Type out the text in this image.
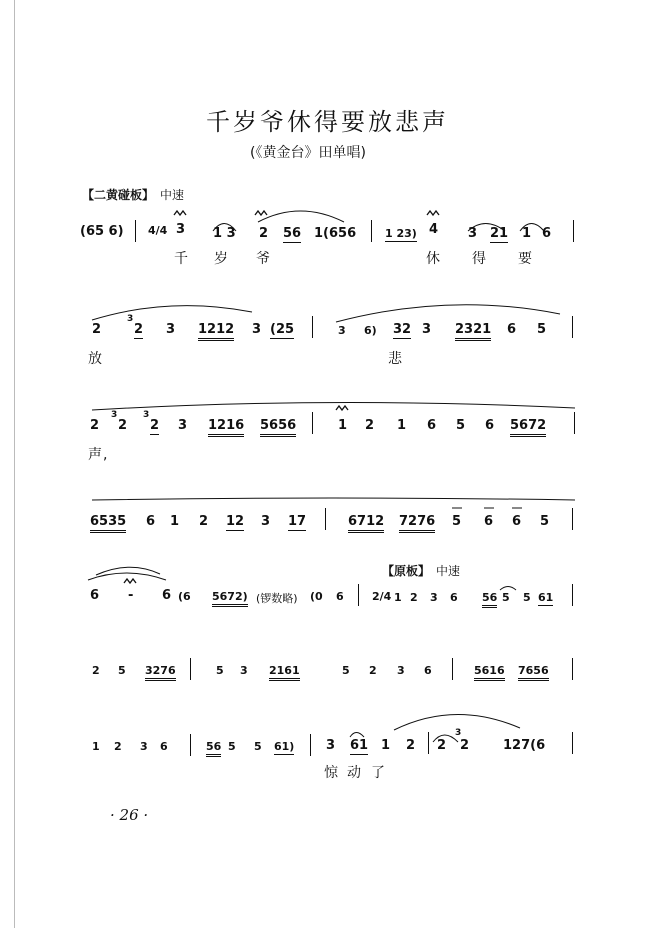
千岁爷休得要放悲声
(《黄金台》田单唱)
【二黄碰板】 中速
(65 6) 4/4 3 1 3 2 56 1(656	1 23) 4 3 21 1 6
千 岁 爷	休 得 要
2
3
2 3 1212 3 (25	3 6) 32 3 2321 6 5
放	悲
2
3
2
3
2 3 1216 5656	1 2 1 6 5 6 5672
声,
6535 6 1 2 12 3 17	6712 7276 5 6 6 5
【原板】 中速
6 - 6 (6 5672) (锣数略) (0 6	2/4 1 2 3 6 56 5 5 61
2 5 3276	5 3 2161	5 2 3 6	5616 7656
1 2 3 6	56 5 5 61) 3 61 1 2 2
3
2	127(6
惊 动 了
· 26 ·
